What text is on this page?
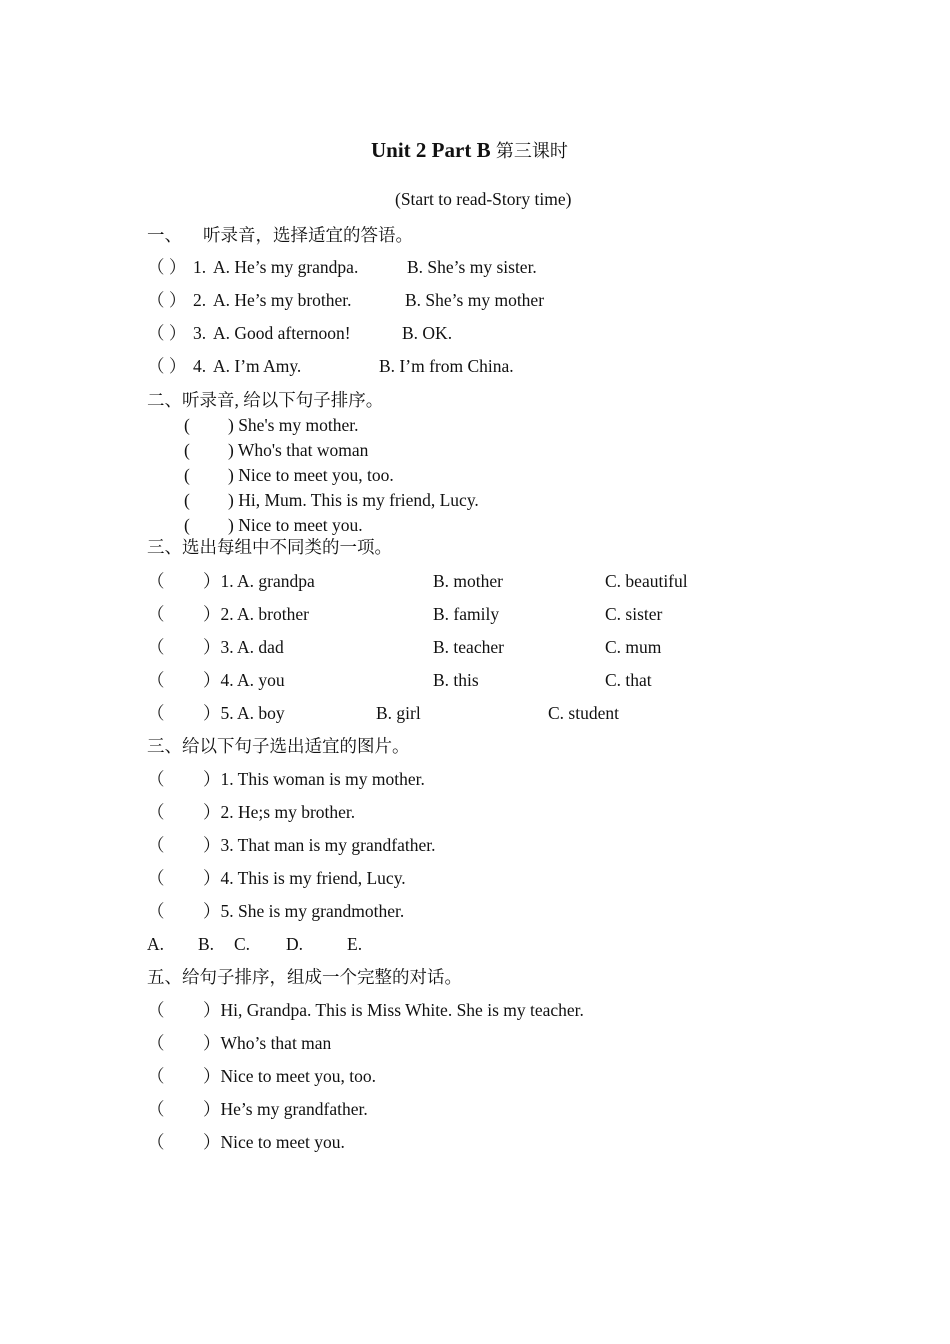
Unit 2 Part B 第三课时
(Start to read-Story time)
一、 听录音，选择适宜的答语。
（ ） 1. A. He’s my grandpa.	B. She’s my sister.
（ ） 2. A. He’s my brother.	B. She’s my mother
（ ） 3. A. Good afternoon!	B. OK.
（ ） 4. A. I’m Amy.	B. I’m from China.
二、听录音, 给以下句子排序。
( ) She's my mother.
( ) Who's that woman
( ) Nice to meet you, too.
( ) Hi, Mum. This is my friend, Lucy.
( ) Nice to meet you.
三、选出每组中不同类的一项。
（ ）1. A. grandpa	B. mother	C. beautiful
（ ）2. A. brother	B. family	C. sister
（ ）3. A. dad	B. teacher	C. mum
（ ）4. A. you	B. this	C. that
（ ）5. A. boy	B. girl	C. student
三、给以下句子选出适宜的图片。
（ ）1. This woman is my mother.
（ ）2. He;s my brother.
（ ）3. That man is my grandfather.
（ ）4. This is my friend, Lucy.
（ ）5. She is my grandmother.
A. B. C. D.	E.
五、给句子排序，组成一个完整的对话。
（ ）Hi, Grandpa. This is Miss White. She is my teacher.
（ ）Who’s that man
（ ）Nice to meet you, too.
（ ）He’s my grandfather.
（ ）Nice to meet you.
